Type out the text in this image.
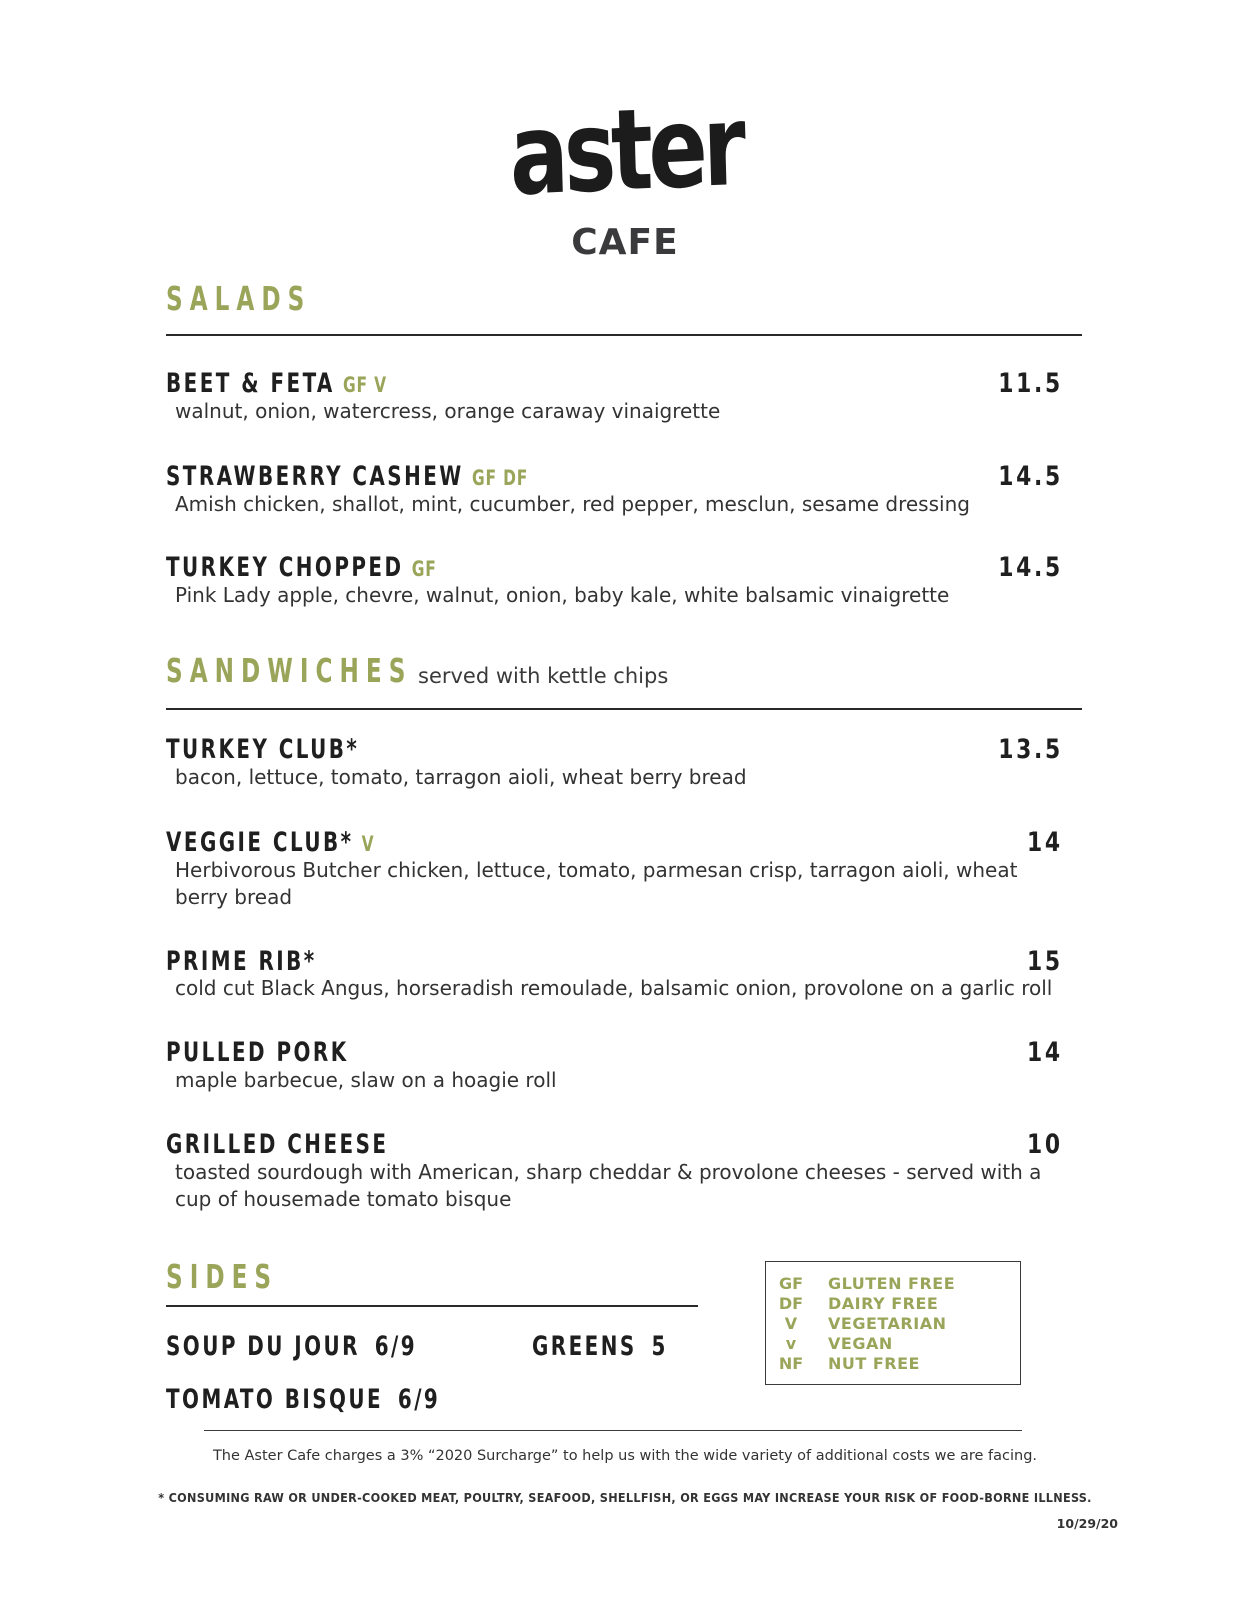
aster
CAFE
SALADS
BEET & FETA GF V	11.5
walnut, onion, watercress, orange caraway vinaigrette
STRAWBERRY CASHEW GF DF	14.5
Amish chicken, shallot, mint, cucumber, red pepper, mesclun, sesame dressing
TURKEY CHOPPED GF	14.5
Pink Lady apple, chevre, walnut, onion, baby kale, white balsamic vinaigrette
SANDWICHES served with kettle chips
TURKEY CLUB*	13.5
bacon, lettuce, tomato, tarragon aioli, wheat berry bread
VEGGIE CLUB* V	14
Herbivorous Butcher chicken, lettuce, tomato, parmesan crisp, tarragon aioli, wheat berry bread
PRIME RIB*	15
cold cut Black Angus, horseradish remoulade, balsamic onion, provolone on a garlic roll
PULLED PORK	14
maple barbecue, slaw on a hoagie roll
GRILLED CHEESE	10
toasted sourdough with American, sharp cheddar & provolone cheeses - served with a cup of housemade tomato bisque
SIDES
SOUP DU JOUR 6/9	GREENS 5
TOMATO BISQUE 6/9
GF	GLUTEN FREE
DF	DAIRY FREE
V	VEGETARIAN
v	VEGAN
NF	NUT FREE
The Aster Cafe charges a 3% “2020 Surcharge” to help us with the wide variety of additional costs we are facing.
* CONSUMING RAW OR UNDER-COOKED MEAT, POULTRY, SEAFOOD, SHELLFISH, OR EGGS MAY INCREASE YOUR RISK OF FOOD-BORNE ILLNESS.
10/29/20
